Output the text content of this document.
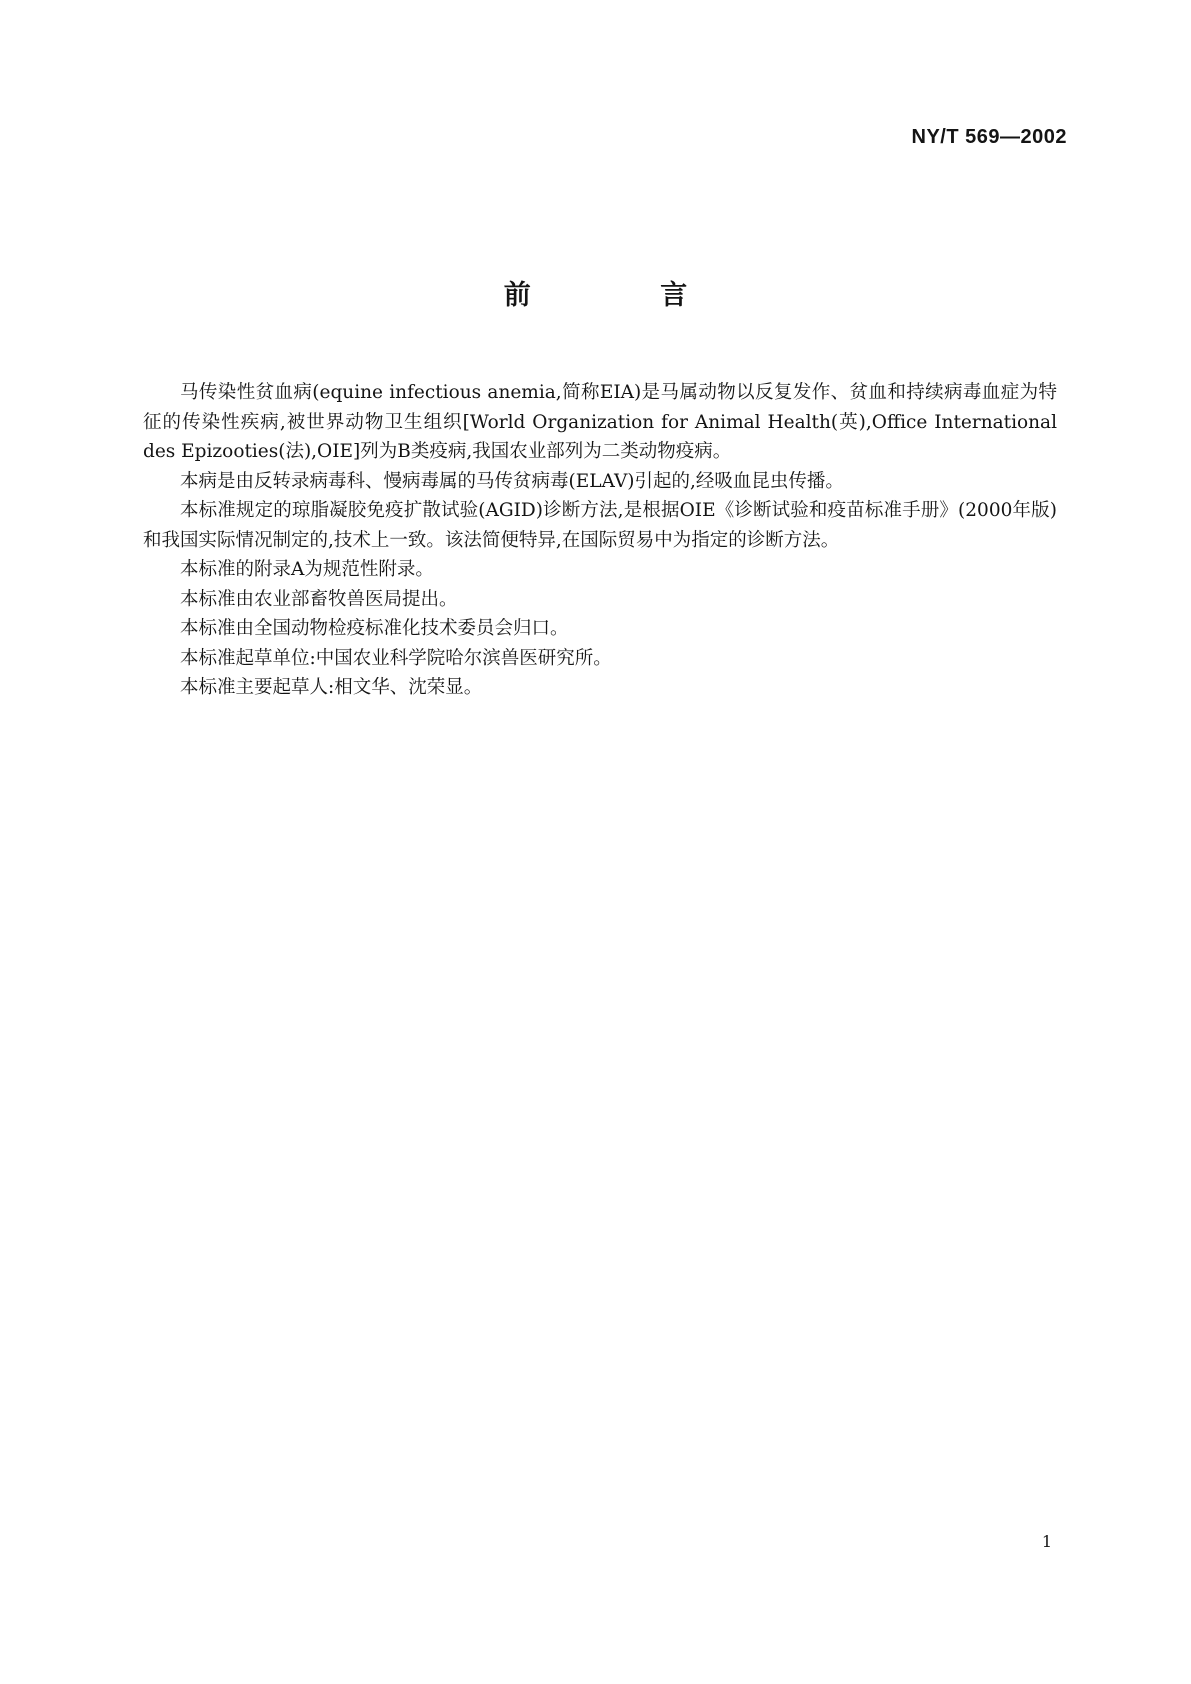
NY/T 569—2002

前 言

马传染性贫血病(equine infectious anemia,简称EIA)是马属动物以反复发作、贫血和持续病毒血症为特征的传染性疾病,被世界动物卫生组织[World Organization for Animal Health(英),Office International des Epizooties(法),OIE]列为B类疫病,我国农业部列为二类动物疫病。

本病是由反转录病毒科、慢病毒属的马传贫病毒(ELAV)引起的,经吸血昆虫传播。

本标准规定的琼脂凝胶免疫扩散试验(AGID)诊断方法,是根据OIE《诊断试验和疫苗标准手册》(2000年版)和我国实际情况制定的,技术上一致。该法简便特异,在国际贸易中为指定的诊断方法。

本标准的附录A为规范性附录。

本标准由农业部畜牧兽医局提出。

本标准由全国动物检疫标准化技术委员会归口。

本标准起草单位:中国农业科学院哈尔滨兽医研究所。

本标准主要起草人:相文华、沈荣显。

1
